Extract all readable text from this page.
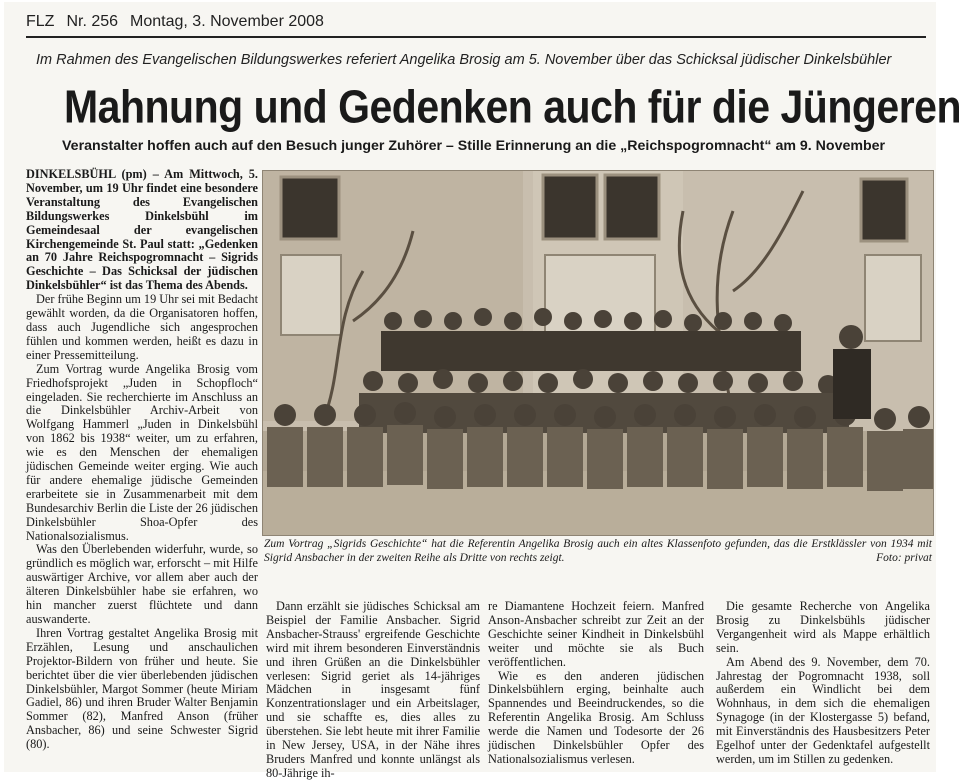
FLZ Nr. 256 Montag, 3. November 2008
Im Rahmen des Evangelischen Bildungswerkes referiert Angelika Brosig am 5. November über das Schicksal jüdischer Dinkelsbühler
Mahnung und Gedenken auch für die Jüngeren
Veranstalter hoffen auch auf den Besuch junger Zuhörer – Stille Erinnerung an die „Reichspogromnacht“ am 9. November

DINKELSBÜHL (pm) – Am Mittwoch, 5. November, um 19 Uhr findet eine besondere Veranstaltung des Evangelischen Bildungswerkes Dinkelsbühl im Gemeindesaal der evangelischen Kirchengemeinde St. Paul statt: „Gedenken an 70 Jahre Reichspogromnacht – Sigrids Geschichte – Das Schicksal der jüdischen Dinkelsbühler“ ist das Thema des Abends.

Der frühe Beginn um 19 Uhr sei mit Bedacht gewählt worden, da die Organisatoren hoffen, dass auch Jugendliche sich angesprochen fühlen und kommen werden, heißt es dazu in einer Pressemitteilung.

Zum Vortrag wurde Angelika Brosig vom Friedhofsprojekt „Juden in Schopfloch“ eingeladen. Sie recherchierte im Anschluss an die Dinkelsbühler Archiv-Arbeit von Wolfgang Hammerl „Juden in Dinkelsbühl von 1862 bis 1938“ weiter, um zu erfahren, wie es den Menschen der ehemaligen jüdischen Gemeinde weiter erging. Wie auch für andere ehemalige jüdische Gemeinden erarbeitete sie in Zusammenarbeit mit dem Bundesarchiv Berlin die Liste der 26 jüdischen Dinkelsbühler Shoa-Opfer des Nationalsozialismus.

Was den Überlebenden widerfuhr, wurde, so gründlich es möglich war, erforscht – mit Hilfe auswärtiger Archive, vor allem aber auch der älteren Dinkelsbühler habe sie erfahren, wo hin mancher zuerst flüchtete und dann auswanderte.

Ihren Vortrag gestaltet Angelika Brosig mit Erzählen, Lesung und anschaulichen Projektor-Bildern von früher und heute. Sie berichtet über die vier überlebenden jüdischen Dinkelsbühler, Margot Sommer (heute Miriam Gadiel, 86) und ihren Bruder Walter Benjamin Sommer (82), Manfred Anson (früher Ansbacher, 86) und seine Schwester Sigrid (80).

Zum Vortrag „Sigrids Geschichte“ hat die Referentin Angelika Brosig auch ein altes Klassenfoto gefunden, das die Erstklässler von 1934 mit Sigrid Ansbacher in der zweiten Reihe als Dritte von rechts zeigt.	Foto: privat

Dann erzählt sie jüdisches Schicksal am Beispiel der Familie Ansbacher. Sigrid Ansbacher-Strauss' ergreifende Geschichte wird mit ihrem besonderen Einverständnis und ihren Grüßen an die Dinkelsbühler verlesen: Sigrid geriet als 14-jähriges Mädchen in insgesamt fünf Konzentrationslager und ein Arbeitslager, und sie schaffte es, dies alles zu überstehen. Sie lebt heute mit ihrer Familie in New Jersey, USA, in der Nähe ihres Bruders Manfred und konnte unlängst als 80-Jährige ih-

re Diamantene Hochzeit feiern. Manfred Anson-Ansbacher schreibt zur Zeit an der Geschichte seiner Kindheit in Dinkelsbühl weiter und möchte sie als Buch veröffentlichen.

Wie es den anderen jüdischen Dinkelsbühlern erging, beinhalte auch Spannendes und Beeindruckendes, so die Referentin Angelika Brosig. Am Schluss werde die Namen und Todesorte der 26 jüdischen Dinkelsbühler Opfer des Nationalsozialismus verlesen.

Die gesamte Recherche von Angelika Brosig zu Dinkelsbühls jüdischer Vergangenheit wird als Mappe erhältlich sein.

Am Abend des 9. November, dem 70. Jahrestag der Pogromnacht 1938, soll außerdem ein Windlicht bei dem Wohnhaus, in dem sich die ehemaligen Synagoge (in der Klostergasse 5) befand, mit Einverständnis des Hausbesitzers Peter Egelhof unter der Gedenktafel aufgestellt werden, um im Stillen zu gedenken.
